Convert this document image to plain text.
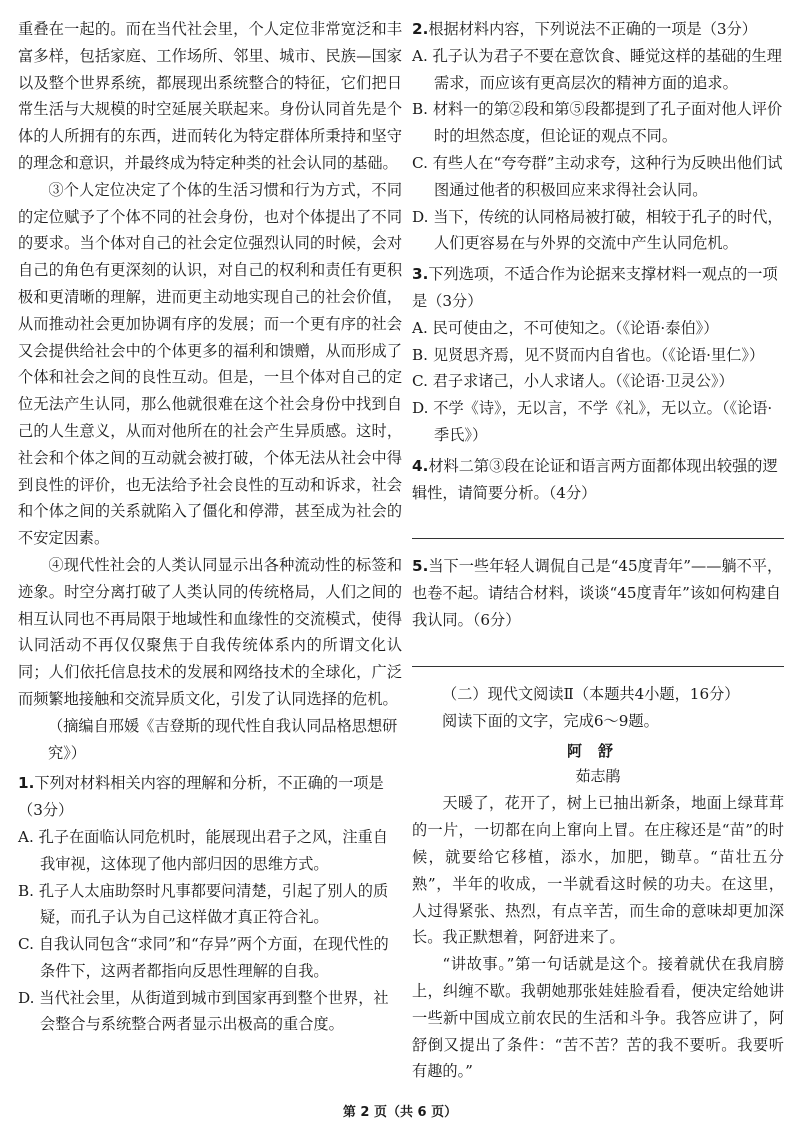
重叠在一起的。而在当代社会里，个人定位非常宽泛和丰富多样，包括家庭、工作场所、邻里、城市、民族—国家以及整个世界系统，都展现出系统整合的特征，它们把日常生活与大规模的时空延展关联起来。身份认同首先是个体的人所拥有的东西，进而转化为特定群体所秉持和坚守的理念和意识，并最终成为特定种类的社会认同的基础。

③个人定位决定了个体的生活习惯和行为方式，不同的定位赋予了个体不同的社会身份，也对个体提出了不同的要求。当个体对自己的社会定位强烈认同的时候，会对自己的角色有更深刻的认识，对自己的权利和责任有更积极和更清晰的理解，进而更主动地实现自己的社会价值，从而推动社会更加协调有序的发展；而一个更有序的社会又会提供给社会中的个体更多的福利和馈赠，从而形成了个体和社会之间的良性互动。但是，一旦个体对自己的定位无法产生认同，那么他就很难在这个社会身份中找到自己的人生意义，从而对他所在的社会产生异质感。这时，社会和个体之间的互动就会被打破，个体无法从社会中得到良性的评价，也无法给予社会良性的互动和诉求，社会和个体之间的关系就陷入了僵化和停滞，甚至成为社会的不安定因素。

④现代性社会的人类认同显示出各种流动性的标签和迹象。时空分离打破了人类认同的传统格局，人们之间的相互认同也不再局限于地域性和血缘性的交流模式，使得认同活动不再仅仅聚焦于自我传统体系内的所谓文化认同；人们依托信息技术的发展和网络技术的全球化，广泛而频繁地接触和交流异质文化，引发了认同选择的危机。

（摘编自邢媛《吉登斯的现代性自我认同品格思想研究》）

1.下列对材料相关内容的理解和分析，不正确的一项是（3分）

A. 孔子在面临认同危机时，能展现出君子之风，注重自我审视，这体现了他内部归因的思维方式。

B. 孔子人太庙助祭时凡事都要问清楚，引起了别人的质疑，而孔子认为自己这样做才真正符合礼。

C. 自我认同包含“求同”和“存异”两个方面，在现代性的条件下，这两者都指向反思性理解的自我。

D. 当代社会里，从街道到城市到国家再到整个世界，社会整合与系统整合两者显示出极高的重合度。

2.根据材料内容，下列说法不正确的一项是（3分）

A. 孔子认为君子不要在意饮食、睡觉这样的基础的生理需求，而应该有更高层次的精神方面的追求。

B. 材料一的第②段和第⑤段都提到了孔子面对他人评价时的坦然态度，但论证的观点不同。

C. 有些人在“夸夸群”主动求夸，这种行为反映出他们试图通过他者的积极回应来求得社会认同。

D. 当下，传统的认同格局被打破，相较于孔子的时代，人们更容易在与外界的交流中产生认同危机。

3.下列选项，不适合作为论据来支撑材料一观点的一项是（3分）

A. 民可使由之，不可使知之。（《论语·泰伯》）

B. 见贤思齐焉，见不贤而内自省也。（《论语·里仁》）

C. 君子求诸己，小人求诸人。（《论语·卫灵公》）

D. 不学《诗》，无以言，不学《礼》，无以立。（《论语·季氏》）

4.材料二第③段在论证和语言两方面都体现出较强的逻辑性，请简要分析。（4分）

5.当下一些年轻人调侃自己是“45度青年”——躺不平，也卷不起。请结合材料，谈谈“45度青年”该如何构建自我认同。（6分）

（二）现代文阅读Ⅱ（本题共4小题，16分）

阅读下面的文字，完成6～9题。

阿舒

茹志鹃

天暖了，花开了，树上已抽出新条，地面上绿茸茸的一片，一切都在向上窜向上冒。在庄稼还是“苗”的时候，就要给它移植，添水，加肥，锄草。“苗壮五分熟”，半年的收成，一半就看这时候的功夫。在这里，人过得紧张、热烈，有点辛苦，而生命的意味却更加深长。我正默想着，阿舒进来了。

“讲故事。”第一句话就是这个。接着就伏在我肩膀上，纠缠不歇。我朝她那张娃娃脸看看，便决定给她讲一些新中国成立前农民的生活和斗争。我答应讲了，阿舒倒又提出了条件：“苦不苦？苦的我不要听。我要听有趣的。”

第 2 页（共 6 页）
